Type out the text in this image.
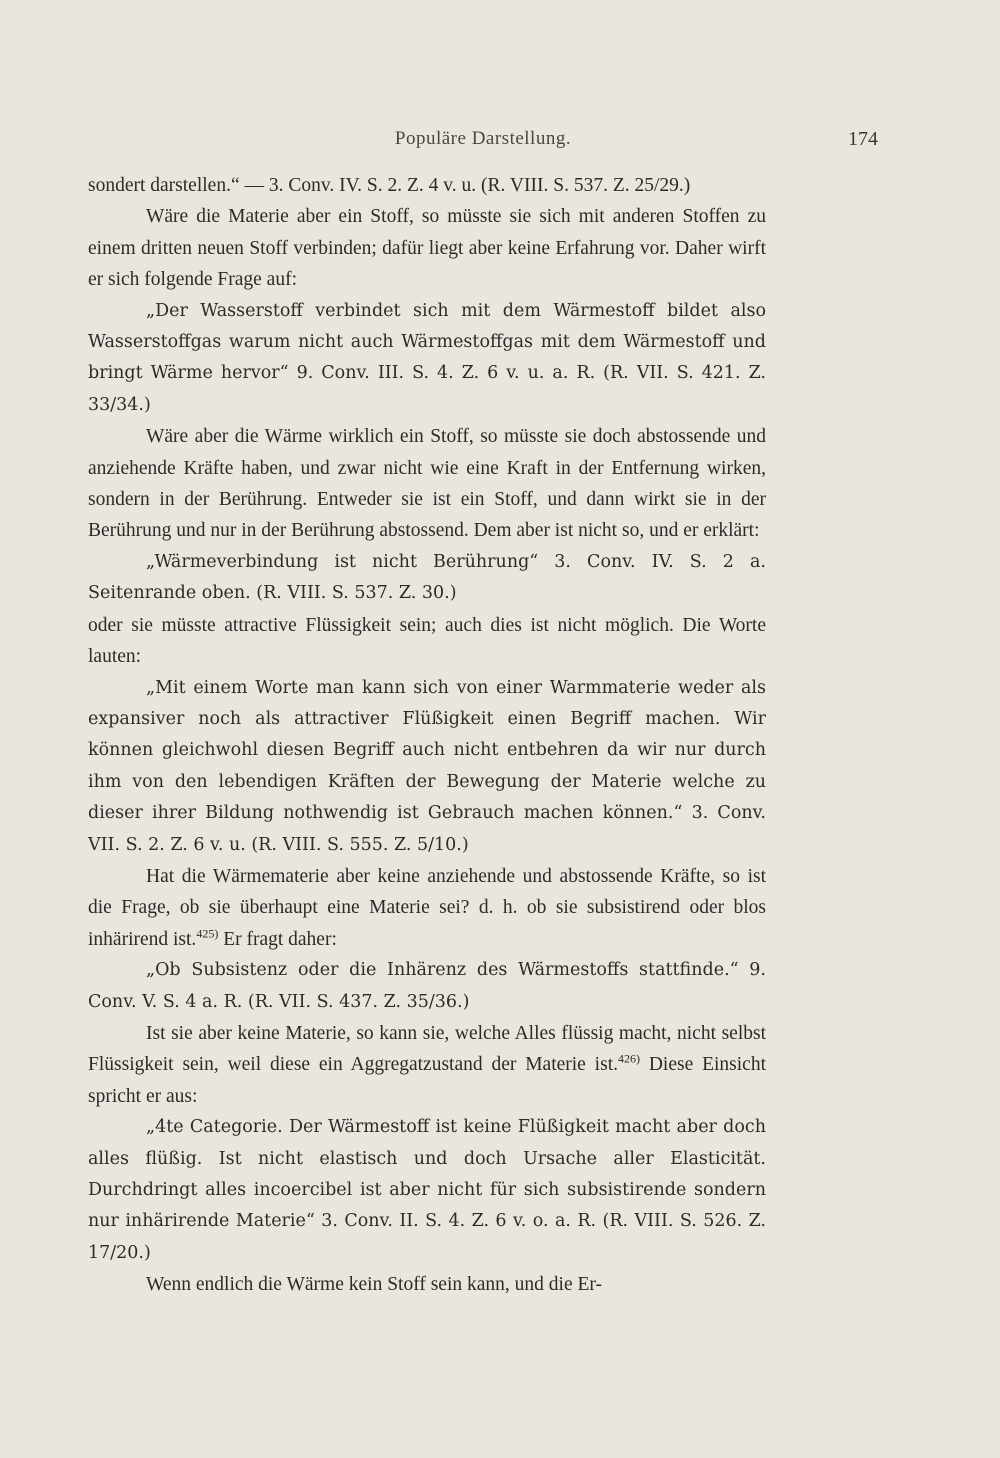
Populäre Darstellung.	174

sondert darstellen.“ — 3. Conv. IV. S. 2. Z. 4 v. u. (R. VIII. S. 537. Z. 25/29.)

Wäre die Materie aber ein Stoff, so müsste sie sich mit anderen Stoffen zu einem dritten neuen Stoff verbinden; dafür liegt aber keine Erfahrung vor. Daher wirft er sich folgende Frage auf:

„Der Wasserstoff verbindet sich mit dem Wärmestoff bildet also Wasserstoffgas warum nicht auch Wärmestoffgas mit dem Wärmestoff und bringt Wärme hervor“ 9. Conv. III. S. 4. Z. 6 v. u. a. R. (R. VII. S. 421. Z. 33/34.)

Wäre aber die Wärme wirklich ein Stoff, so müsste sie doch abstossende und anziehende Kräfte haben, und zwar nicht wie eine Kraft in der Entfernung wirken, sondern in der Berührung. Entweder sie ist ein Stoff, und dann wirkt sie in der Berührung und nur in der Berührung abstossend. Dem aber ist nicht so, und er erklärt:

„Wärmeverbindung ist nicht Berührung“ 3. Conv. IV. S. 2 a. Seitenrande oben. (R. VIII. S. 537. Z. 30.)

oder sie müsste attractive Flüssigkeit sein; auch dies ist nicht möglich. Die Worte lauten:

„Mit einem Worte man kann sich von einer Warmmaterie weder als expansiver noch als attractiver Flüßigkeit einen Begriff machen. Wir können gleichwohl diesen Begriff auch nicht entbehren da wir nur durch ihm von den lebendigen Kräften der Bewegung der Materie welche zu dieser ihrer Bildung nothwendig ist Gebrauch machen können.“ 3. Conv. VII. S. 2. Z. 6 v. u. (R. VIII. S. 555. Z. 5/10.)

Hat die Wärmematerie aber keine anziehende und abstossende Kräfte, so ist die Frage, ob sie überhaupt eine Materie sei? d. h. ob sie subsistirend oder blos inhärirend ist.$^{425)}$ Er fragt daher:

„Ob Subsistenz oder die Inhärenz des Wärmestoffs stattfinde.“ 9. Conv. V. S. 4 a. R. (R. VII. S. 437. Z. 35/36.)

Ist sie aber keine Materie, so kann sie, welche Alles flüssig macht, nicht selbst Flüssigkeit sein, weil diese ein Aggregatzustand der Materie ist.$^{426)}$ Diese Einsicht spricht er aus:

„4te Categorie. Der Wärmestoff ist keine Flüßigkeit macht aber doch alles flüßig. Ist nicht elastisch und doch Ursache aller Elasticität. Durchdringt alles incoercibel ist aber nicht für sich subsistirende sondern nur inhärirende Materie“ 3. Conv. II. S. 4. Z. 6 v. o. a. R. (R. VIII. S. 526. Z. 17/20.)

Wenn endlich die Wärme kein Stoff sein kann, und die Er-
